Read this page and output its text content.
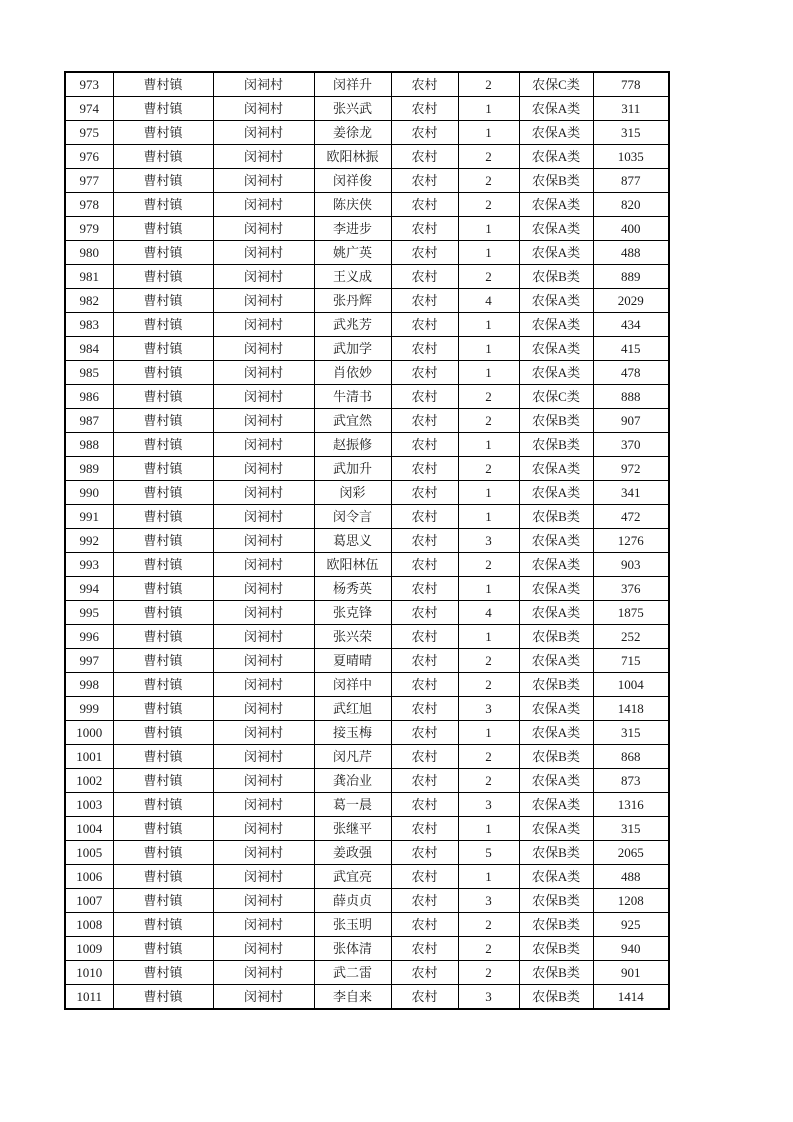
973	曹村镇	闵祠村	闵祥升	农村	2	农保C类	778
974	曹村镇	闵祠村	张兴武	农村	1	农保A类	311
975	曹村镇	闵祠村	姜徐龙	农村	1	农保A类	315
976	曹村镇	闵祠村	欧阳林振	农村	2	农保A类	1035
977	曹村镇	闵祠村	闵祥俊	农村	2	农保B类	877
978	曹村镇	闵祠村	陈庆侠	农村	2	农保A类	820
979	曹村镇	闵祠村	李进步	农村	1	农保A类	400
980	曹村镇	闵祠村	姚广英	农村	1	农保A类	488
981	曹村镇	闵祠村	王义成	农村	2	农保B类	889
982	曹村镇	闵祠村	张丹辉	农村	4	农保A类	2029
983	曹村镇	闵祠村	武兆芳	农村	1	农保A类	434
984	曹村镇	闵祠村	武加学	农村	1	农保A类	415
985	曹村镇	闵祠村	肖依妙	农村	1	农保A类	478
986	曹村镇	闵祠村	牛清书	农村	2	农保C类	888
987	曹村镇	闵祠村	武宜然	农村	2	农保B类	907
988	曹村镇	闵祠村	赵振修	农村	1	农保B类	370
989	曹村镇	闵祠村	武加升	农村	2	农保A类	972
990	曹村镇	闵祠村	闵彩	农村	1	农保A类	341
991	曹村镇	闵祠村	闵令言	农村	1	农保B类	472
992	曹村镇	闵祠村	葛思义	农村	3	农保A类	1276
993	曹村镇	闵祠村	欧阳林伍	农村	2	农保A类	903
994	曹村镇	闵祠村	杨秀英	农村	1	农保A类	376
995	曹村镇	闵祠村	张克锋	农村	4	农保A类	1875
996	曹村镇	闵祠村	张兴荣	农村	1	农保B类	252
997	曹村镇	闵祠村	夏晴晴	农村	2	农保A类	715
998	曹村镇	闵祠村	闵祥中	农村	2	农保B类	1004
999	曹村镇	闵祠村	武红旭	农村	3	农保A类	1418
1000	曹村镇	闵祠村	接玉梅	农村	1	农保A类	315
1001	曹村镇	闵祠村	闵凡芹	农村	2	农保B类	868
1002	曹村镇	闵祠村	龚冶业	农村	2	农保A类	873
1003	曹村镇	闵祠村	葛一晨	农村	3	农保A类	1316
1004	曹村镇	闵祠村	张继平	农村	1	农保A类	315
1005	曹村镇	闵祠村	姜政强	农村	5	农保B类	2065
1006	曹村镇	闵祠村	武宜亮	农村	1	农保A类	488
1007	曹村镇	闵祠村	薛贞贞	农村	3	农保B类	1208
1008	曹村镇	闵祠村	张玉明	农村	2	农保B类	925
1009	曹村镇	闵祠村	张体清	农村	2	农保B类	940
1010	曹村镇	闵祠村	武二雷	农村	2	农保B类	901
1011	曹村镇	闵祠村	李自来	农村	3	农保B类	1414
